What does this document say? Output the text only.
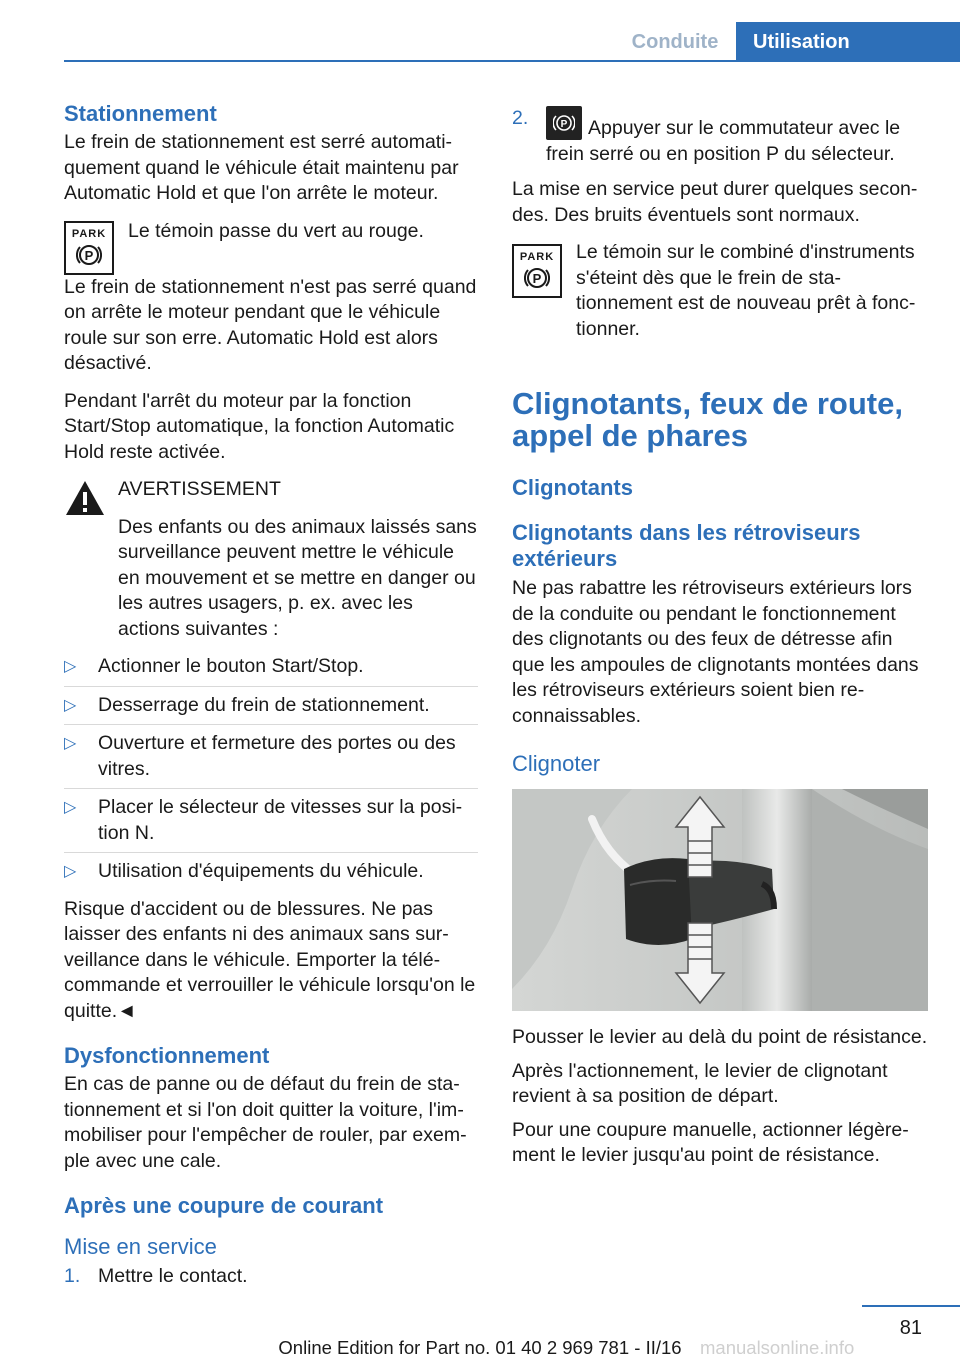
Conduite	Utilisation
Stationnement

Le frein de stationnement est serré automatiquement quand le véhicule était maintenu par Automatic Hold et que l'on arrête le moteur.

PARK
P

Le témoin passe du vert au rouge.

Le frein de stationnement n'est pas serré quand on arrête le moteur pendant que le véhicule roule sur son erre. Automatic Hold est alors désactivé.

Pendant l'arrêt du moteur par la fonction Start/Stop automatique, la fonction Automatic Hold reste activée.

AVERTISSEMENT

Des enfants ou des animaux laissés sans surveillance peuvent mettre le véhicule en mouvement et se mettre en danger ou les autres usagers, p. ex. avec les actions suivantes :

▷ Actionner le bouton Start/Stop.
▷ Desserrage du frein de stationnement.
▷ Ouverture et fermeture des portes ou des vitres.
▷ Placer le sélecteur de vitesses sur la position N.
▷ Utilisation d'équipements du véhicule.

Risque d'accident ou de blessures. Ne pas laisser des enfants ni des animaux sans surveillance dans le véhicule. Emporter la télécommande et verrouiller le véhicule lorsqu'on le quitte.◄

Dysfonctionnement

En cas de panne ou de défaut du frein de stationnement et si l'on doit quitter la voiture, l'immobiliser pour l'empêcher de rouler, par exemple avec une cale.

Après une coupure de courant
Mise en service
1. Mettre le contact.
2.	P Appuyer sur le commutateur avec le frein serré ou en position P du sélecteur.

La mise en service peut durer quelques secondes. Des bruits éventuels sont normaux.

PARK
P

Le témoin sur le combiné d'instruments s'éteint dès que le frein de stationnement est de nouveau prêt à fonctionner.

Clignotants, feux de route, appel de phares
Clignotants
Clignotants dans les rétroviseurs extérieurs

Ne pas rabattre les rétroviseurs extérieurs lors de la conduite ou pendant le fonctionnement des clignotants ou des feux de détresse afin que les ampoules de clignotants montées dans les rétroviseurs extérieurs soient bien reconnaissables.

Clignoter

Pousser le levier au delà du point de résistance.

Après l'actionnement, le levier de clignotant revient à sa position de départ.

Pour une coupure manuelle, actionner légèrement le levier jusqu'au point de résistance.

81
manualsonline.info
Online Edition for Part no. 01 40 2 969 781 - II/16
